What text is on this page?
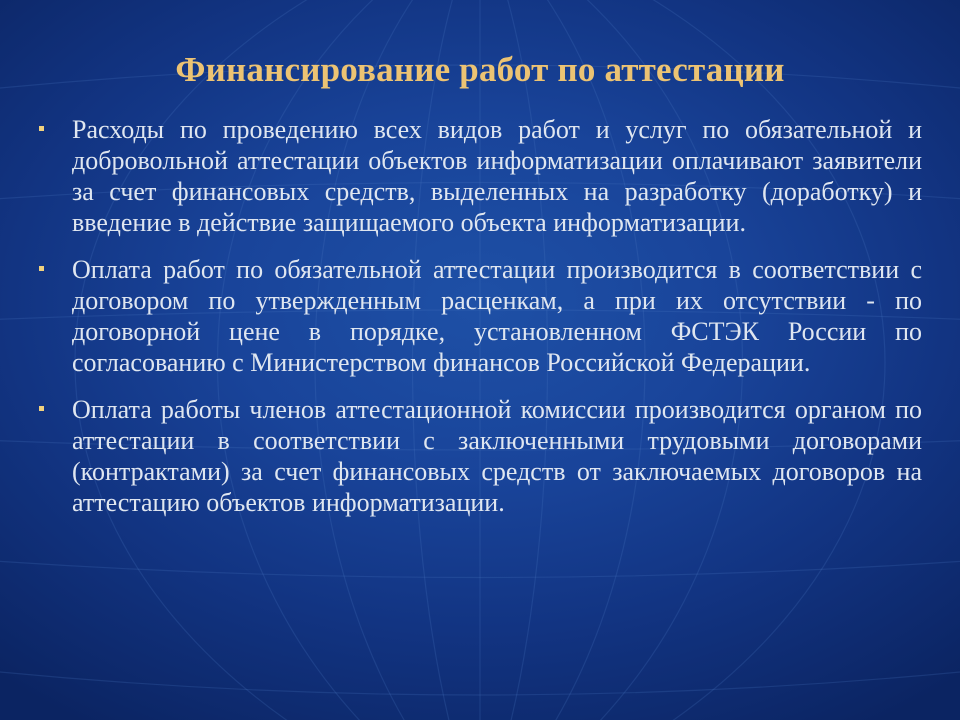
Финансирование работ по аттестации
Расходы по проведению всех видов работ и услуг по обязательной и добровольной аттестации объектов информатизации оплачивают заявители за счет финансовых средств, выделенных на разработку (доработку) и введение в действие защищаемого объекта информатизации.
Оплата работ по обязательной аттестации производится в соответствии с договором по утвержденным расценкам, а при их отсутствии - по договорной цене в порядке, установленном ФСТЭК России по согласованию с Министерством финансов Российской Федерации.
Оплата работы членов аттестационной комиссии производится органом по аттестации в соответствии с заключенными трудовыми договорами (контрактами) за счет финансовых средств от заключаемых договоров на аттестацию объектов информатизации.
